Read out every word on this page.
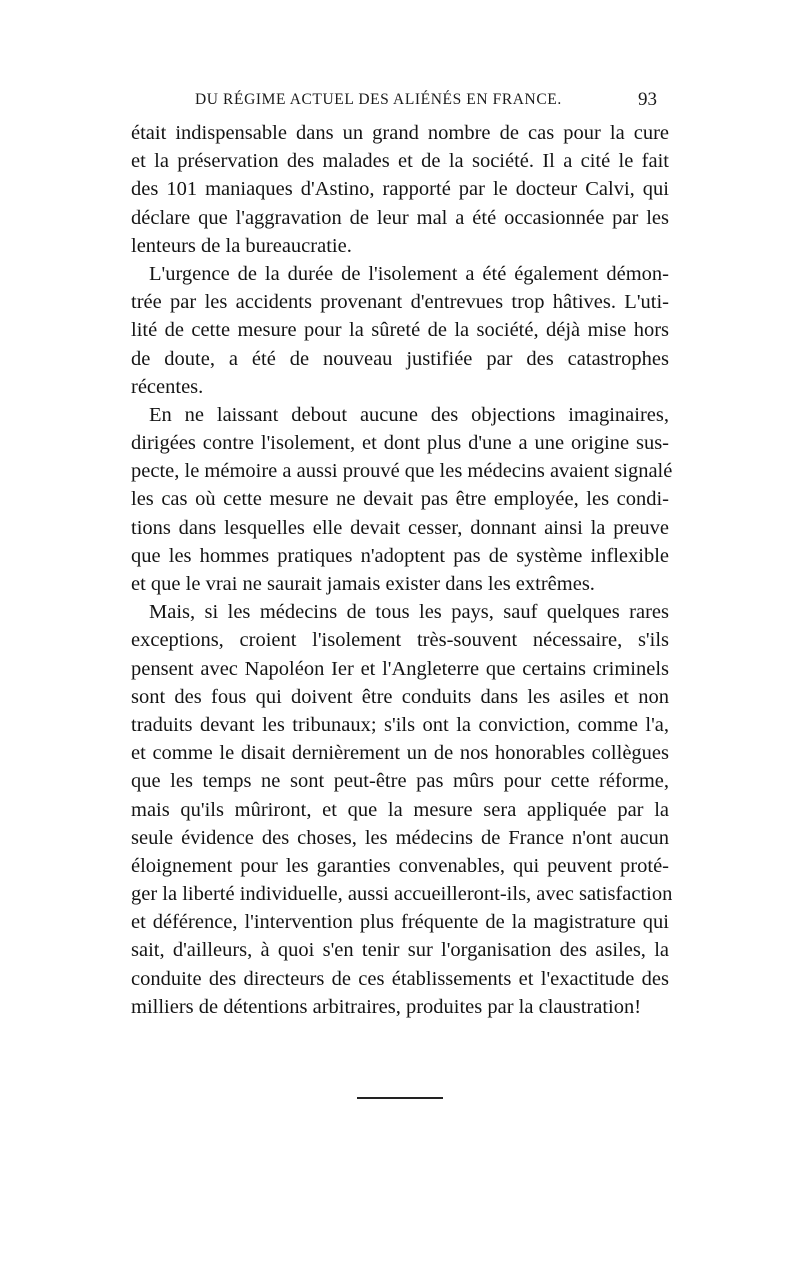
DU RÉGIME ACTUEL DES ALIÉNÉS EN FRANCE.	93
était indispensable dans un grand nombre de cas pour la cure
et la préservation des malades et de la société. Il a cité le fait
des 101 maniaques d'Astino, rapporté par le docteur Calvi, qui
déclare que l'aggravation de leur mal a été occasionnée par les
lenteurs de la bureaucratie.
L'urgence de la durée de l'isolement a été également démon-
trée par les accidents provenant d'entrevues trop hâtives. L'uti-
lité de cette mesure pour la sûreté de la société, déjà mise hors
de doute, a été de nouveau justifiée par des catastrophes
récentes.
En ne laissant debout aucune des objections imaginaires,
dirigées contre l'isolement, et dont plus d'une a une origine sus-
pecte, le mémoire a aussi prouvé que les médecins avaient signalé
les cas où cette mesure ne devait pas être employée, les condi-
tions dans lesquelles elle devait cesser, donnant ainsi la preuve
que les hommes pratiques n'adoptent pas de système inflexible
et que le vrai ne saurait jamais exister dans les extrêmes.
Mais, si les médecins de tous les pays, sauf quelques rares
exceptions, croient l'isolement très-souvent nécessaire, s'ils
pensent avec Napoléon Ier et l'Angleterre que certains criminels
sont des fous qui doivent être conduits dans les asiles et non
traduits devant les tribunaux; s'ils ont la conviction, comme l'a,
et comme le disait dernièrement un de nos honorables collègues
que les temps ne sont peut-être pas mûrs pour cette réforme,
mais qu'ils mûriront, et que la mesure sera appliquée par la
seule évidence des choses, les médecins de France n'ont aucun
éloignement pour les garanties convenables, qui peuvent proté-
ger la liberté individuelle, aussi accueilleront-ils, avec satisfaction
et déférence, l'intervention plus fréquente de la magistrature qui
sait, d'ailleurs, à quoi s'en tenir sur l'organisation des asiles, la
conduite des directeurs de ces établissements et l'exactitude des
milliers de détentions arbitraires, produites par la claustration!
